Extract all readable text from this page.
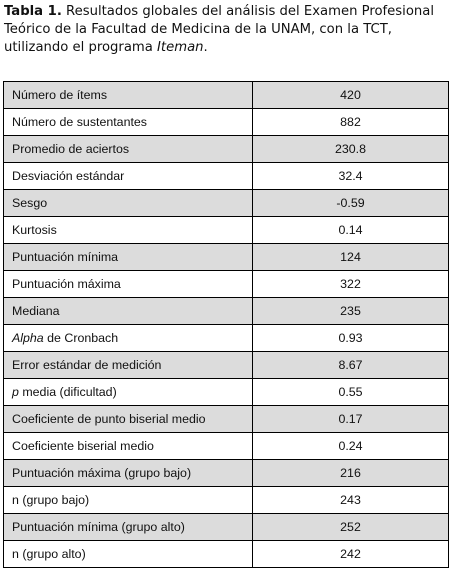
Tabla 1. Resultados globales del análisis del Examen Profesional Teórico de la Facultad de Medicina de la UNAM, con la TCT, utilizando el programa Iteman.
Número de ítems	420
Número de sustentantes	882
Promedio de aciertos	230.8
Desviación estándar	32.4
Sesgo	-0.59
Kurtosis	0.14
Puntuación mínima	124
Puntuación máxima	322
Mediana	235
Alpha de Cronbach	0.93
Error estándar de medición	8.67
p media (dificultad)	0.55
Coeficiente de punto biserial medio	0.17
Coeficiente biserial medio	0.24
Puntuación máxima (grupo bajo)	216
n (grupo bajo)	243
Puntuación mínima (grupo alto)	252
n (grupo alto)	242
